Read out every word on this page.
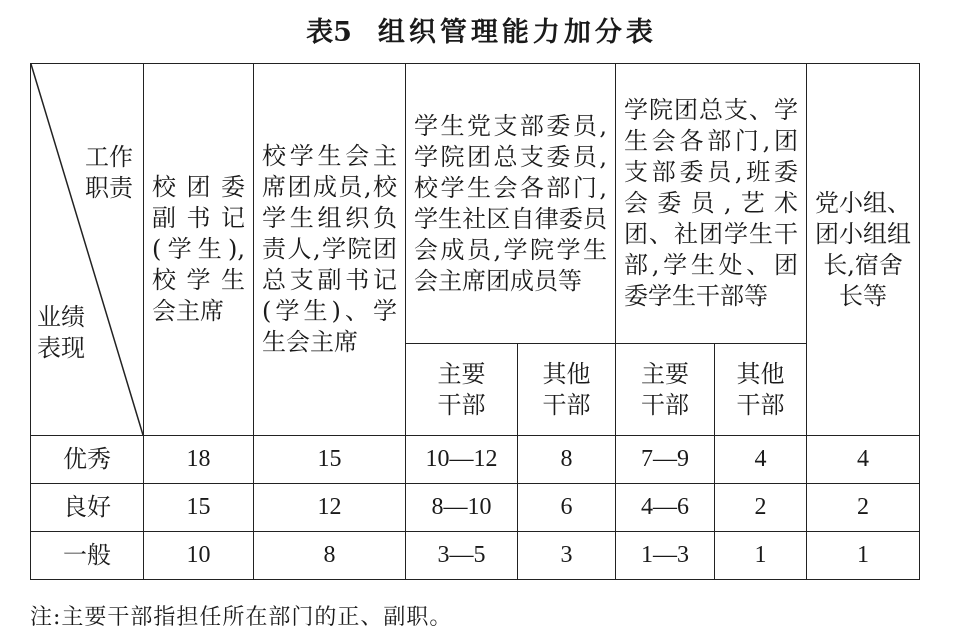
表5 组织管理能力加分表
工作
职责
业绩
表现	校团委副书记(学生),校学生会主席	校学生会主席团成员,校学生组织负责人,学院团总支副书记(学生)、学生会主席	学生党支部委员,学院团总支委员,校学生会各部门,学生社区自律委员会成员,学院学生会主席团成员等		学院团总支、学生会各部门,团支部委员,班委会委员,艺术团、社团学生干部,学生处、团委学生干部等		党小组、团小组组长,宿舍长等

			主要干部	其他干部	主要干部	其他干部	

优秀	18	15	10—12	8	7—9	4	4
良好	15	12	8—10	6	4—6	2	2
一般	10	8	3—5	3	1—3	1	1
注:主要干部指担任所在部门的正、副职。
